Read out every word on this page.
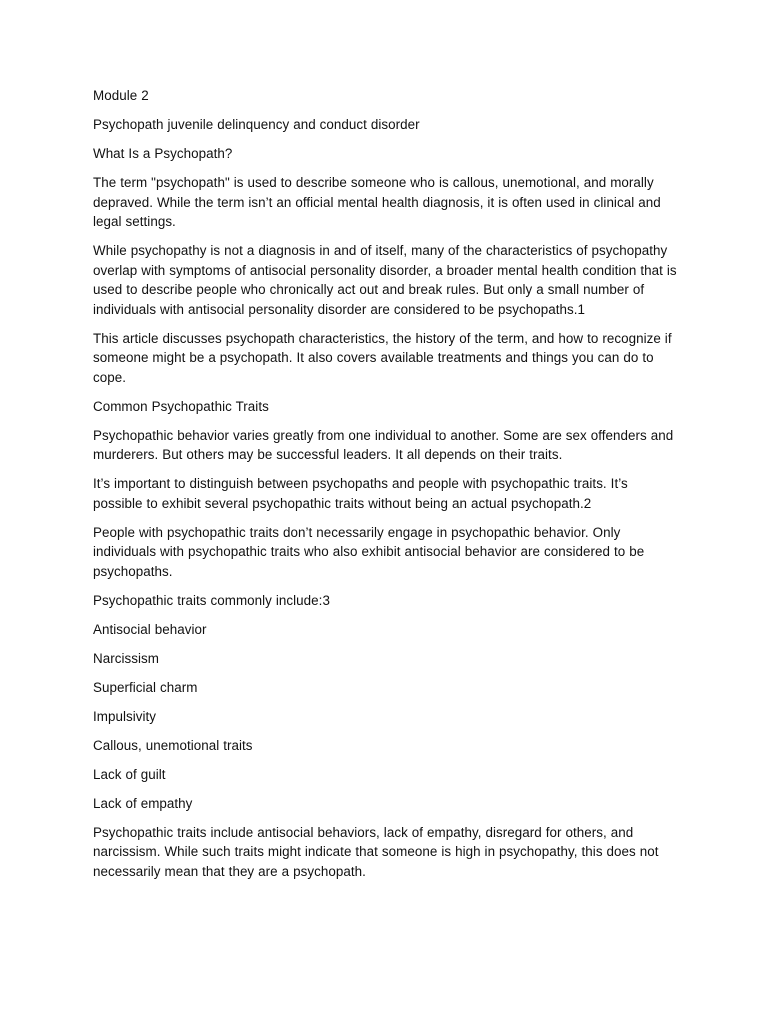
Module 2

Psychopath juvenile delinquency and conduct disorder

What Is a Psychopath?

The term "psychopath" is used to describe someone who is callous, unemotional, and morally depraved. While the term isn’t an official mental health diagnosis, it is often used in clinical and legal settings.

While psychopathy is not a diagnosis in and of itself, many of the characteristics of psychopathy overlap with symptoms of antisocial personality disorder, a broader mental health condition that is used to describe people who chronically act out and break rules. But only a small number of individuals with antisocial personality disorder are considered to be psychopaths.1

This article discusses psychopath characteristics, the history of the term, and how to recognize if someone might be a psychopath. It also covers available treatments and things you can do to cope.

Common Psychopathic Traits

Psychopathic behavior varies greatly from one individual to another. Some are sex offenders and murderers. But others may be successful leaders. It all depends on their traits.

It’s important to distinguish between psychopaths and people with psychopathic traits. It’s possible to exhibit several psychopathic traits without being an actual psychopath.2

People with psychopathic traits don’t necessarily engage in psychopathic behavior. Only individuals with psychopathic traits who also exhibit antisocial behavior are considered to be psychopaths.

Psychopathic traits commonly include:3

Antisocial behavior

Narcissism

Superficial charm

Impulsivity

Callous, unemotional traits

Lack of guilt

Lack of empathy

Psychopathic traits include antisocial behaviors, lack of empathy, disregard for others, and narcissism. While such traits might indicate that someone is high in psychopathy, this does not necessarily mean that they are a psychopath.
